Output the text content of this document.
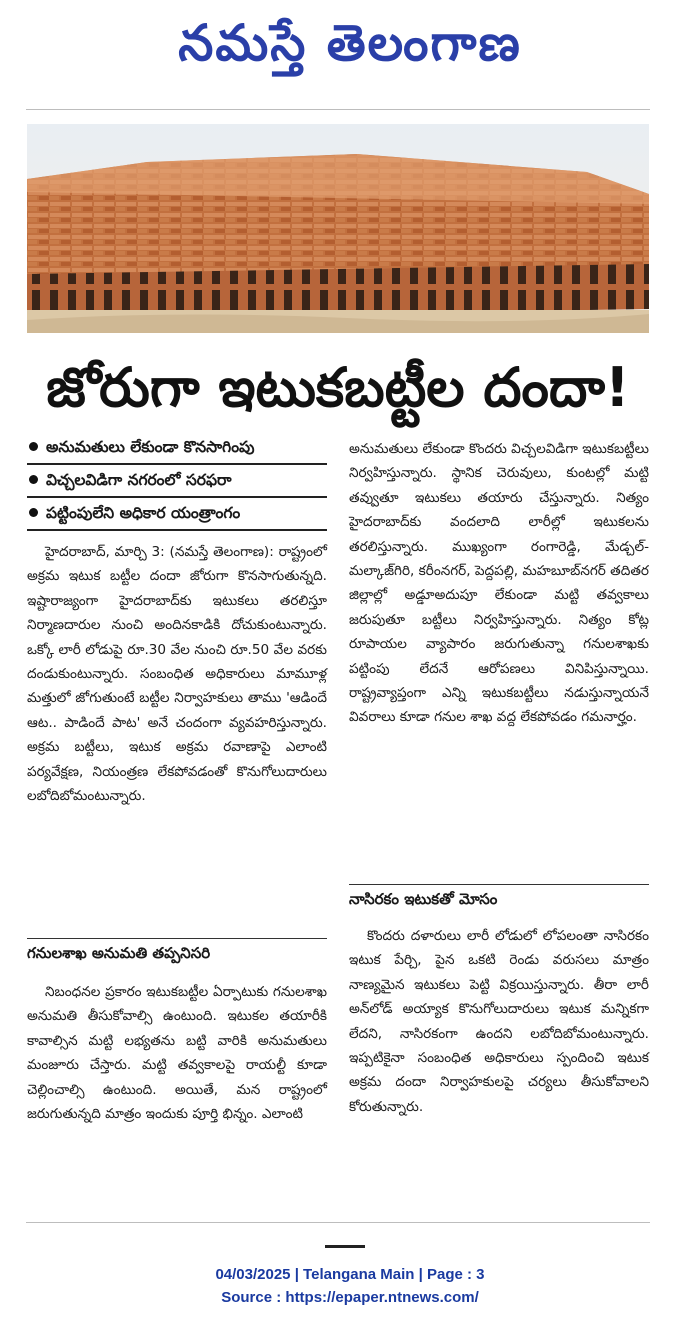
నమస్తే తెలంగాణ
జోరుగా ఇటుకబట్టీల దందా!
అనుమతులు లేకుండా కొనసాగింపు
విచ్చలవిడిగా నగరంలో సరఫరా
పట్టింపులేని అధికార యంత్రాంగం

హైదరాబాద్, మార్చి 3: (నమస్తే తెలంగాణ): రాష్ట్రంలో అక్రమ ఇటుక బట్టీల దందా జోరుగా కొనసాగుతున్నది. ఇష్టారాజ్యంగా హైదరాబాద్‌కు ఇటుకలు తరలిస్తూ నిర్మాణదారుల నుంచి అందినకాడికి దోచుకుంటున్నారు. ఒక్కో లారీ లోడుపై రూ.30 వేల నుంచి రూ.50 వేల వరకు దండుకుంటున్నారు. సంబంధిత అధికారులు మామూళ్ల మత్తులో జోగుతుంటే బట్టీల నిర్వాహకులు తాము 'ఆడిందే ఆట.. పాడిందే పాట' అనే చందంగా వ్యవహరిస్తున్నారు. అక్రమ బట్టీలు, ఇటుక అక్రమ రవాణాపై ఎలాంటి పర్యవేక్షణ, నియంత్రణ లేకపోవడంతో కొనుగోలుదారులు లబోదిబోమంటున్నారు.

గనులశాఖ అనుమతి తప్పనిసరి

నిబంధనల ప్రకారం ఇటుకబట్టీల ఏర్పాటుకు గనులశాఖ అనుమతి తీసుకోవాల్సి ఉంటుంది. ఇటుకల తయారీకి కావాల్సిన మట్టి లభ్యతను బట్టి వారికి అనుమతులు మంజూరు చేస్తారు. మట్టి తవ్వకాలపై రాయల్టీ కూడా చెల్లించాల్సి ఉంటుంది. అయితే, మన రాష్ట్రంలో జరుగుతున్నది మాత్రం ఇందుకు పూర్తి భిన్నం. ఎలాంటి

అనుమతులు లేకుండా కొందరు విచ్చలవిడిగా ఇటుకబట్టీలు నిర్వహిస్తున్నారు. స్థానిక చెరువులు, కుంటల్లో మట్టి తవ్వుతూ ఇటుకలు తయారు చేస్తున్నారు. నిత్యం హైదరాబాద్‌కు వందలాది లారీల్లో ఇటుకలను తరలిస్తున్నారు. ముఖ్యంగా రంగారెడ్డి, మేడ్చల్-మల్కాజ్‌గిరి, కరీంనగర్, పెద్దపల్లి, మహబూబ్‌నగర్ తదితర జిల్లాల్లో అడ్డూఅదుపూ లేకుండా మట్టి తవ్వకాలు జరుపుతూ బట్టీలు నిర్వహిస్తున్నారు. నిత్యం కోట్ల రూపాయల వ్యాపారం జరుగుతున్నా గనులశాఖకు పట్టింపు లేదనే ఆరోపణలు వినిపిస్తున్నాయి. రాష్ట్రవ్యాప్తంగా ఎన్ని ఇటుకబట్టీలు నడుస్తున్నాయనే వివరాలు కూడా గనుల శాఖ వద్ద లేకపోవడం గమనార్హం.

నాసిరకం ఇటుకతో మోసం

కొందరు దళారులు లారీ లోడులో లోపలంతా నాసిరకం ఇటుక పేర్చి, పైన ఒకటి రెండు వరుసలు మాత్రం నాణ్యమైన ఇటుకలు పెట్టి విక్రయిస్తున్నారు. తీరా లారీ అన్‌లోడ్ అయ్యాక కొనుగోలుదారులు ఇటుక మన్నికగా లేదని, నాసిరకంగా ఉందని లబోదిబోమంటున్నారు. ఇప్పటికైనా సంబంధిత అధికారులు స్పందించి ఇటుక అక్రమ దందా నిర్వాహకులపై చర్యలు తీసుకోవాలని కోరుతున్నారు.

04/03/2025 | Telangana Main | Page : 3
Source : https://epaper.ntnews.com/
